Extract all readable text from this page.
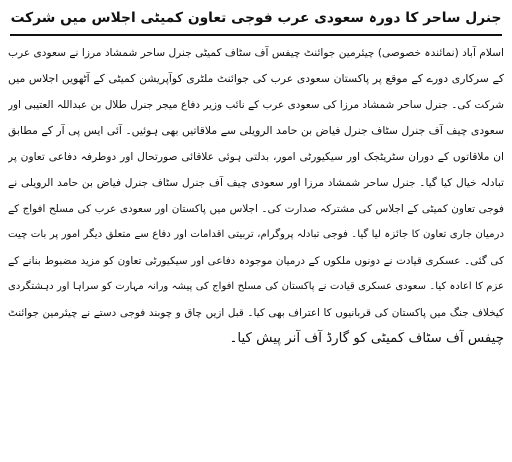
جنرل ساحر کا دورہ سعودی عرب فوجی تعاون کمیٹی اجلاس میں شرکت
اسلام آباد (نمائندہ خصوصی) چیئرمین جوائنٹ چیفس آف سٹاف کمیٹی جنرل ساحر شمشاد مرزا نے سعودی عرب
کے سرکاری دورے کے موقع پر پاکستان سعودی عرب کی جوائنٹ ملٹری کوآپریشن کمیٹی کے آٹھویں اجلاس میں
شرکت کی۔ جنرل ساحر شمشاد مرزا کی سعودی عرب کے نائب وزیر دفاع میجر جنرل طلال بن عبداللہ العتیبی اور
سعودی چیف آف جنرل سٹاف جنرل فیاض بن حامد الرویلی سے ملاقاتیں بھی ہوئیں۔ آئی ایس پی آر کے مطابق
ان ملاقاتوں کے دوران سٹریٹجک اور سیکیورٹی امور، بدلتی ہوئی علاقائی صورتحال اور دوطرفہ دفاعی تعاون پر
تبادلہ خیال کیا گیا۔ جنرل ساحر شمشاد مرزا اور سعودی چیف آف جنرل سٹاف جنرل فیاض بن حامد الرویلی نے
فوجی تعاون کمیٹی کے اجلاس کی مشترکہ صدارت کی۔ اجلاس میں پاکستان اور سعودی عرب کی مسلح افواج کے
درمیان جاری تعاون کا جائزہ لیا گیا۔ فوجی تبادلہ پروگرام، تربیتی اقدامات اور دفاع سے متعلق دیگر امور پر بات چیت
کی گئی۔ عسکری قیادت نے دونوں ملکوں کے درمیان موجودہ دفاعی اور سیکیورٹی تعاون کو مزید مضبوط بنانے کے
عزم کا اعادہ کیا۔ سعودی عسکری قیادت نے پاکستان کی مسلح افواج کی پیشہ ورانہ مہارت کو سراہا اور دہشتگردی
کیخلاف جنگ میں پاکستان کی قربانیوں کا اعتراف بھی کیا۔ قبل ازیں چاق و چوبند فوجی دستے نے چیئرمین جوائنٹ
چیفس آف سٹاف کمیٹی کو گارڈ آف آنر پیش کیا۔
